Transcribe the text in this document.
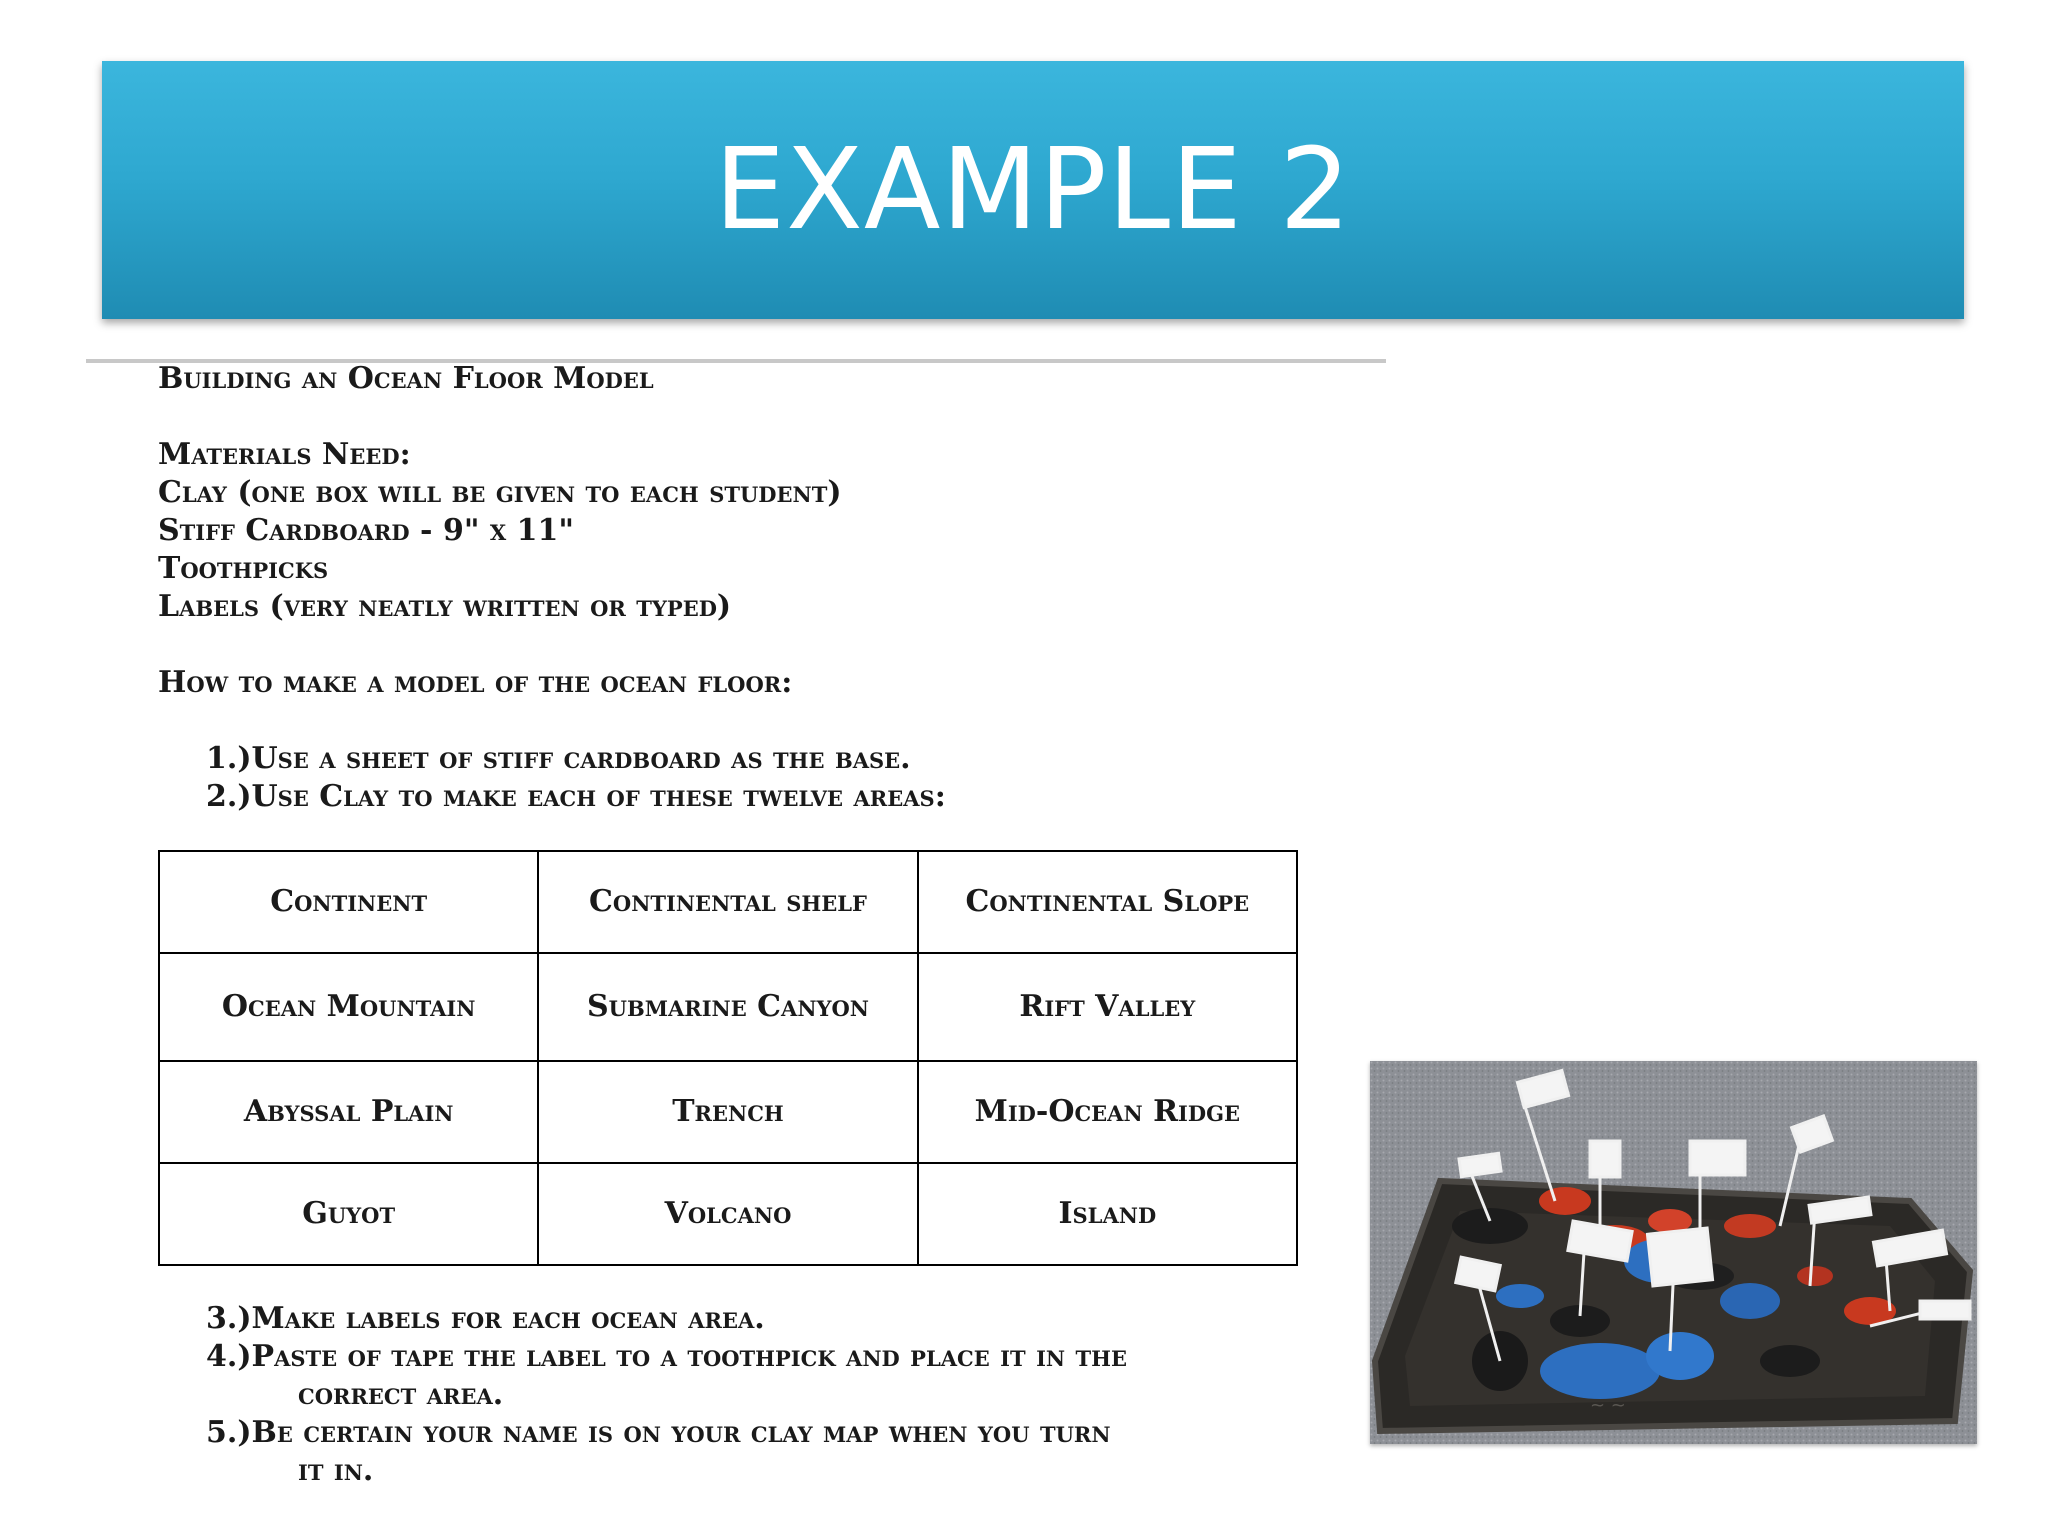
EXAMPLE 2
Building an Ocean Floor Model
Materials Need:
Clay (one box will be given to each student)
Stiff Cardboard - 9" x 11"
Toothpicks
Labels (very neatly written or typed)
How to make a model of the ocean floor:
1.)Use a sheet of stiff cardboard as the base.
2.)Use Clay to make each of these twelve areas:
Continent	Continental shelf	Continental Slope
Ocean Mountain	Submarine Canyon	Rift Valley
Abyssal Plain	Trench	Mid-Ocean Ridge
Guyot	Volcano	Island
3.)Make labels for each ocean area.
4.)Paste of tape the label to a toothpick and place it in the
correct area.
5.)Be certain your name is on your clay map when you turn
it in.
~ ~
